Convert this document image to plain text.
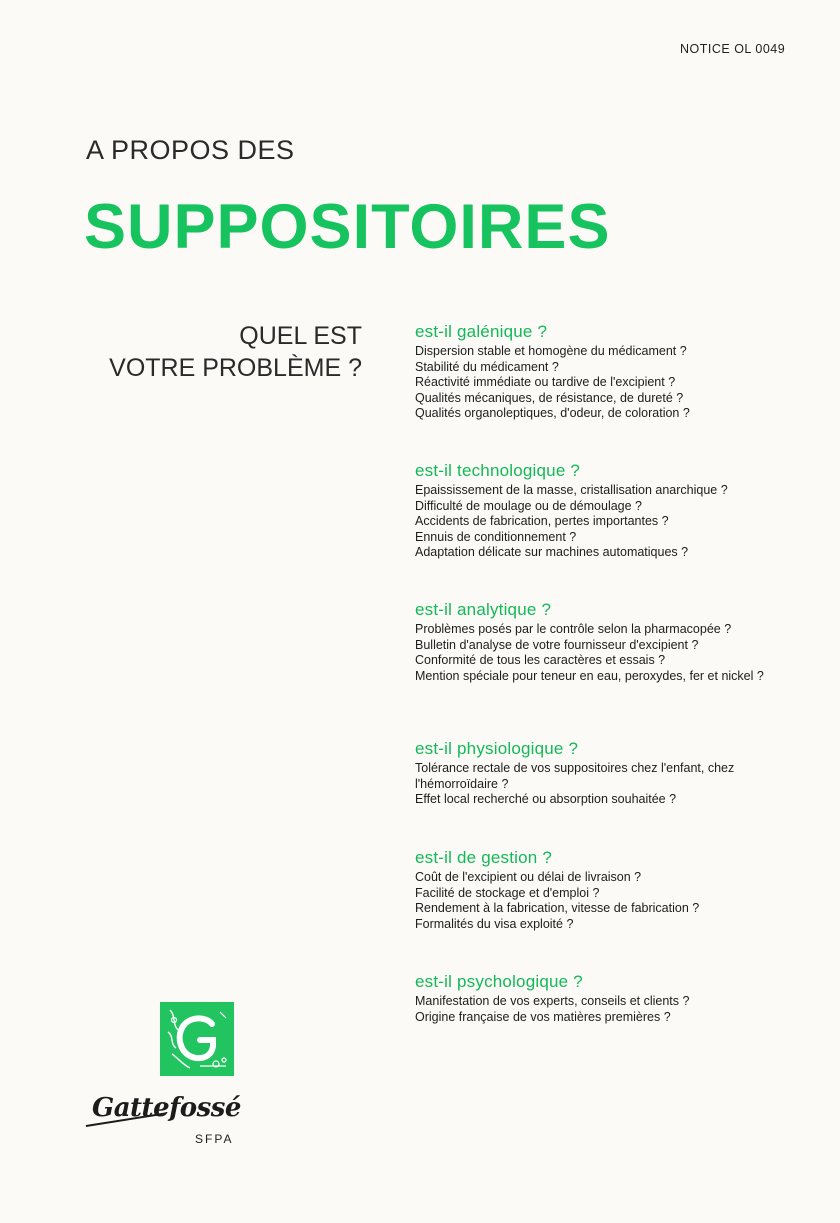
NOTICE OL 0049
A PROPOS DES
SUPPOSITOIRES
QUEL EST
VOTRE PROBLÈME ?
est-il galénique ?
Dispersion stable et homogène du médicament ?
Stabilité du médicament ?
Réactivité immédiate ou tardive de l'excipient ?
Qualités mécaniques, de résistance, de dureté ?
Qualités organoleptiques, d'odeur, de coloration ?
est-il technologique ?
Epaississement de la masse, cristallisation anarchique ?
Difficulté de moulage ou de démoulage ?
Accidents de fabrication, pertes importantes ?
Ennuis de conditionnement ?
Adaptation délicate sur machines automatiques ?
est-il analytique ?
Problèmes posés par le contrôle selon la pharmacopée ?
Bulletin d'analyse de votre fournisseur d'excipient ?
Conformité de tous les caractères et essais ?
Mention spéciale pour teneur en eau, peroxydes, fer et nickel ?
est-il physiologique ?
Tolérance rectale de vos suppositoires chez l'enfant, chez l'hémorroïdaire ?
Effet local recherché ou absorption souhaitée ?
est-il de gestion ?
Coût de l'excipient ou délai de livraison ?
Facilité de stockage et d'emploi ?
Rendement à la fabrication, vitesse de fabrication ?
Formalités du visa exploité ?
est-il psychologique ?
Manifestation de vos experts, conseils et clients ?
Origine française de vos matières premières ?
Gattefossé
SFPA
